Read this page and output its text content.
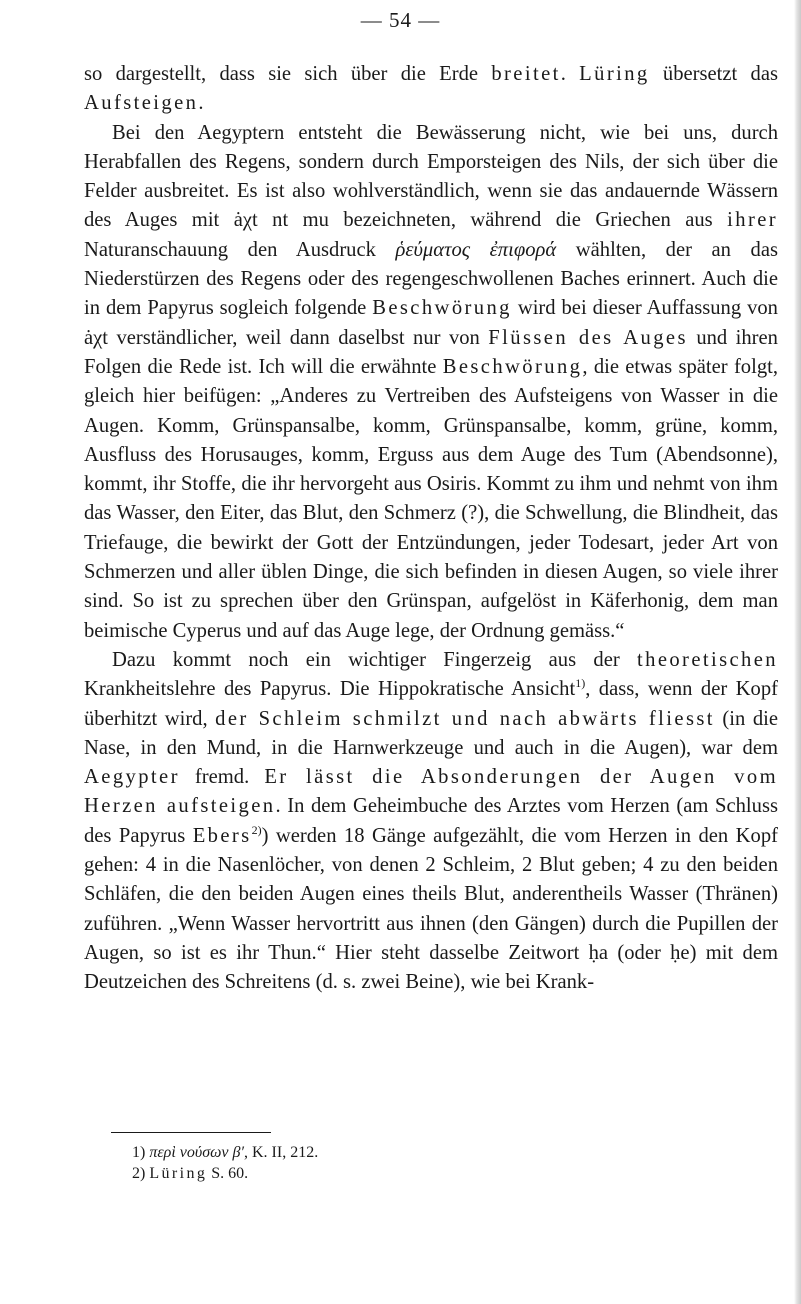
— 54 —

so dargestellt, dass sie sich über die Erde breitet. Lüring übersetzt das Aufsteigen.

Bei den Aegyptern entsteht die Bewässerung nicht, wie bei uns, durch Herabfallen des Regens, sondern durch Emporsteigen des Nils, der sich über die Felder ausbreitet. Es ist also wohlverständlich, wenn sie das andauernde Wässern des Auges mit ȧχt nt mu bezeichneten, während die Griechen aus ihrer Naturanschauung den Ausdruck ῥεύματος ἐπιφορά wählten, der an das Niederstürzen des Regens oder des regengeschwollenen Baches erinnert. Auch die in dem Papyrus sogleich folgende Beschwörung wird bei dieser Auffassung von ȧχt verständlicher, weil dann daselbst nur von Flüssen des Auges und ihren Folgen die Rede ist. Ich will die erwähnte Beschwörung, die etwas später folgt, gleich hier beifügen: „Anderes zu Vertreiben des Aufsteigens von Wasser in die Augen. Komm, Grünspansalbe, komm, Grünspansalbe, komm, grüne, komm, Ausfluss des Horusauges, komm, Erguss aus dem Auge des Tum (Abendsonne), kommt, ihr Stoffe, die ihr hervorgeht aus Osiris. Kommt zu ihm und nehmt von ihm das Wasser, den Eiter, das Blut, den Schmerz (?), die Schwellung, die Blindheit, das Triefauge, die bewirkt der Gott der Entzündungen, jeder Todesart, jeder Art von Schmerzen und aller üblen Dinge, die sich befinden in diesen Augen, so viele ihrer sind. So ist zu sprechen über den Grünspan, aufgelöst in Käferhonig, dem man beimische Cyperus und auf das Auge lege, der Ordnung gemäss.“

Dazu kommt noch ein wichtiger Fingerzeig aus der theoretischen Krankheitslehre des Papyrus. Die Hippokratische Ansicht$^{1)}$, dass, wenn der Kopf überhitzt wird, der Schleim schmilzt und nach abwärts fliesst (in die Nase, in den Mund, in die Harnwerkzeuge und auch in die Augen), war dem Aegypter fremd. Er lässt die Absonderungen der Augen vom Herzen aufsteigen. In dem Geheimbuche des Arztes vom Herzen (am Schluss des Papyrus Ebers$^{2)}$) werden 18 Gänge aufgezählt, die vom Herzen in den Kopf gehen: 4 in die Nasenlöcher, von denen 2 Schleim, 2 Blut geben; 4 zu den beiden Schläfen, die den beiden Augen eines theils Blut, anderentheils Wasser (Thränen) zuführen. „Wenn Wasser hervortritt aus ihnen (den Gängen) durch die Pupillen der Augen, so ist es ihr Thun.“ Hier steht dasselbe Zeitwort ḥa (oder ḥe) mit dem Deutzeichen des Schreitens (d. s. zwei Beine), wie bei Krank-

1) περὶ νούσων β′, K. II, 212.

2) Lüring S. 60.
